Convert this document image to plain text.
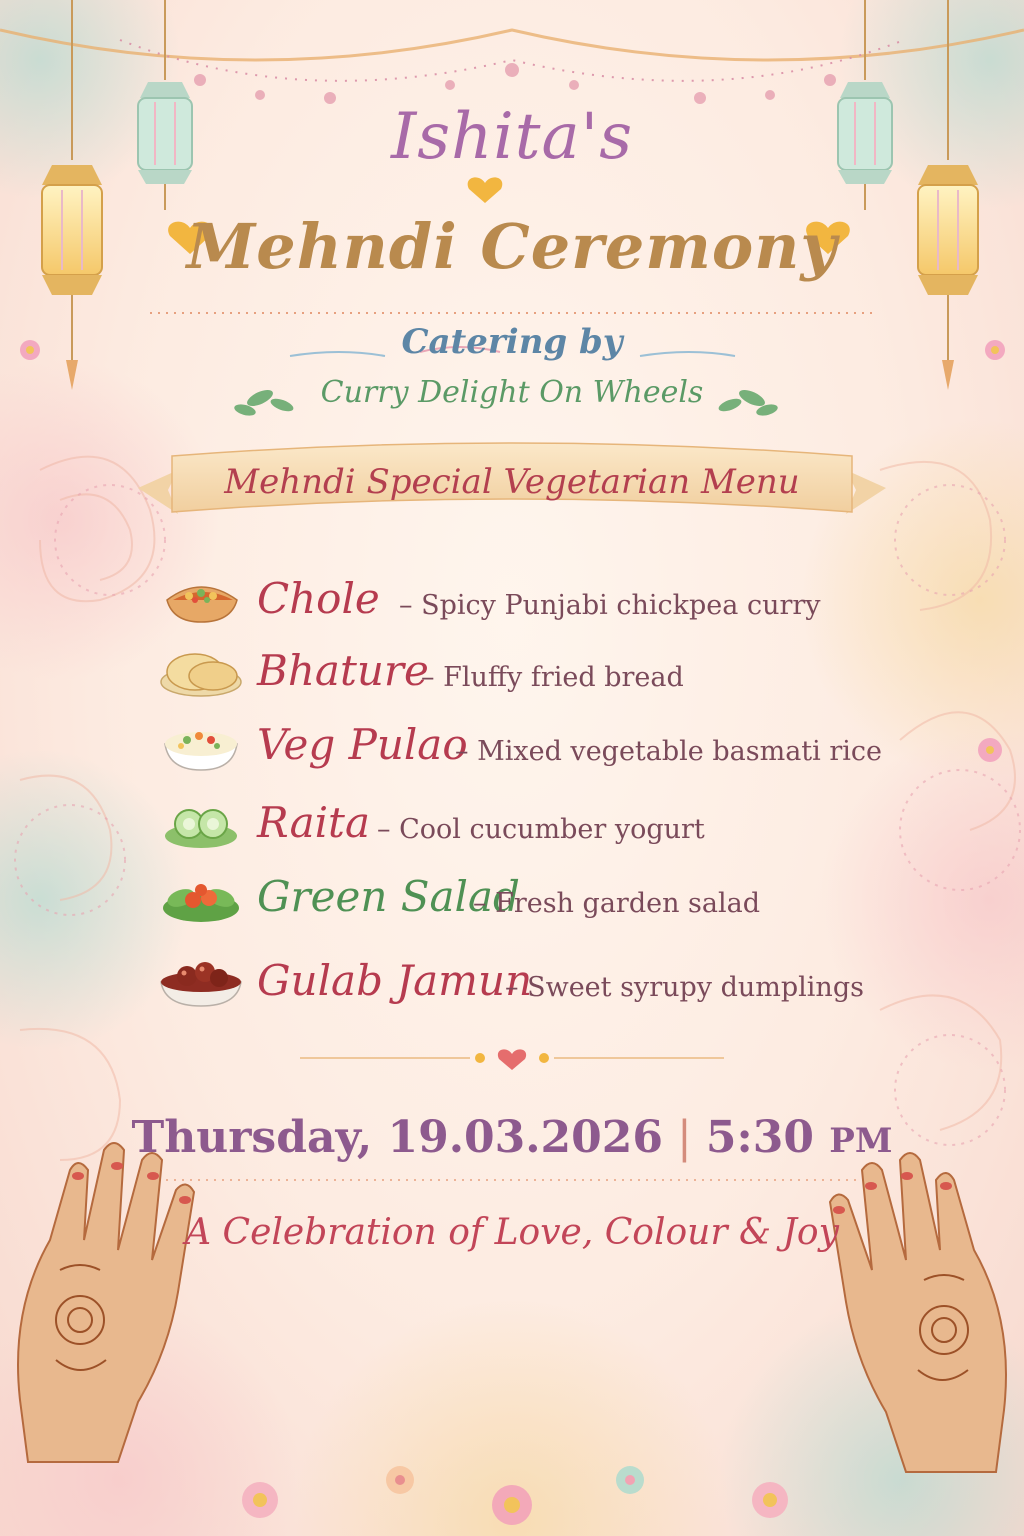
Ishita's
Mehndi Ceremony
Catering by
Curry Delight On Wheels
Mehndi Special Vegetarian Menu
Chole – Spicy Punjabi chickpea curry
Bhature
– Fluffy fried bread
Veg Pulao
– Mixed vegetable basmati rice
Raita – Cool cucumber yogurt
Green Salad
– Fresh garden salad
Gulab Jamun
– Sweet syrupy dumplings
Thursday, 19.03.2026 | 5:30 PM
A Celebration of Love, Colour & Joy
